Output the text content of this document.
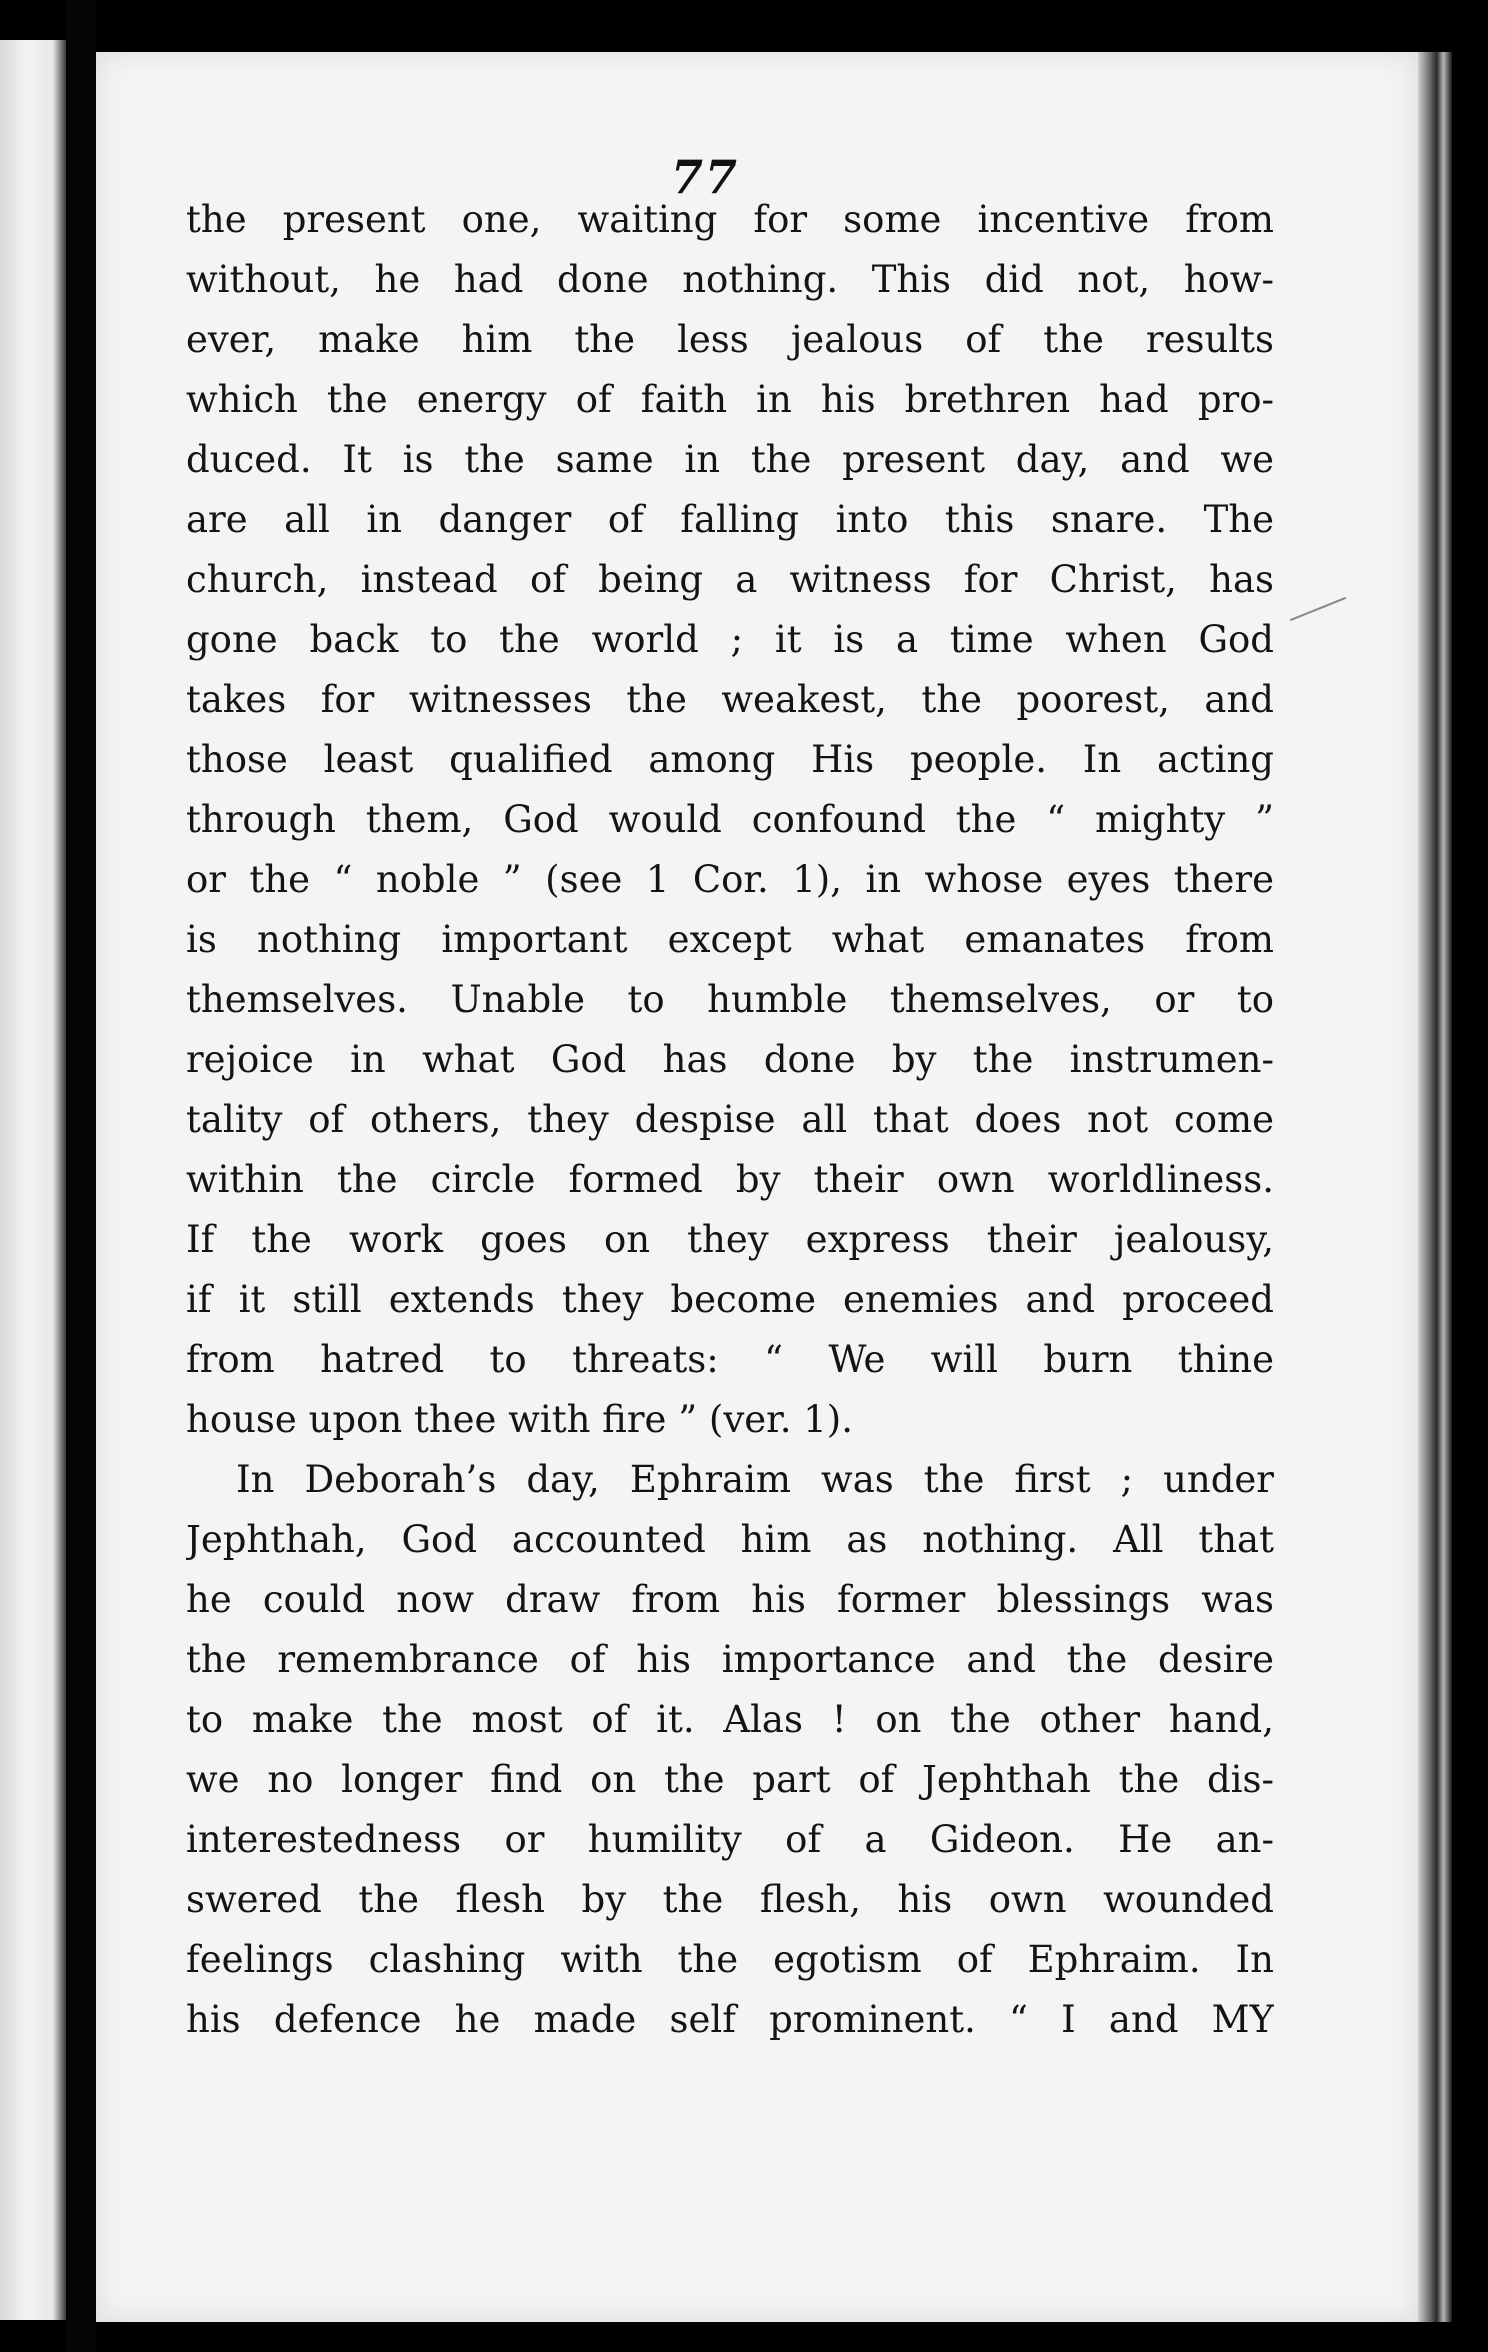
77
the present one, waiting for some incentive from
without, he had done nothing. This did not, how-
ever, make him the less jealous of the results
which the energy of faith in his brethren had pro-
duced. It is the same in the present day, and we
are all in danger of falling into this snare. The
church, instead of being a witness for Christ, has
gone back to the world ; it is a time when God
takes for witnesses the weakest, the poorest, and
those least qualified among His people. In acting
through them, God would confound the “ mighty ”
or the “ noble ” (see 1 Cor. 1), in whose eyes there
is nothing important except what emanates from
themselves. Unable to humble themselves, or to
rejoice in what God has done by the instrumen-
tality of others, they despise all that does not come
within the circle formed by their own worldliness.
If the work goes on they express their jealousy,
if it still extends they become enemies and proceed
from hatred to threats: “ We will burn thine
house upon thee with fire ” (ver. 1).
In Deborah’s day, Ephraim was the first ; under
Jephthah, God accounted him as nothing. All that
he could now draw from his former blessings was
the remembrance of his importance and the desire
to make the most of it. Alas ! on the other hand,
we no longer find on the part of Jephthah the dis-
interestedness or humility of a Gideon. He an-
swered the flesh by the flesh, his own wounded
feelings clashing with the egotism of Ephraim. In
his defence he made self prominent. “ I and MY
